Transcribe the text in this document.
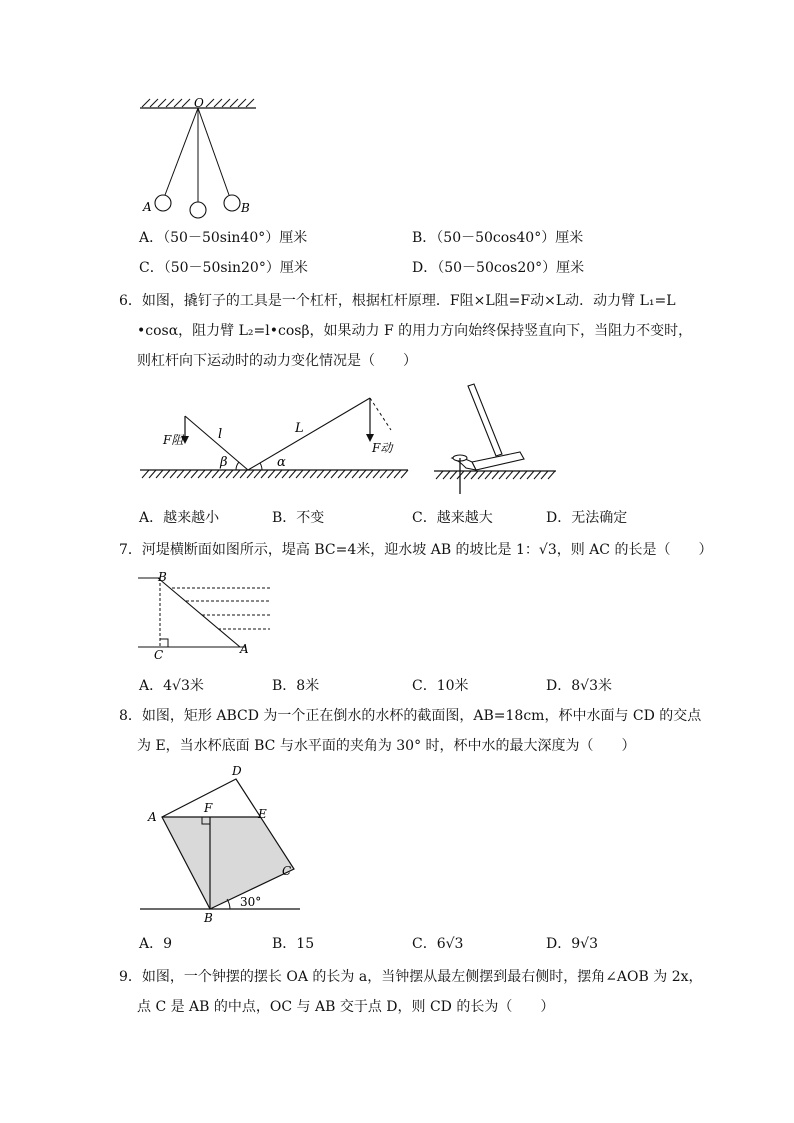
O
A	B
A．（50－50sin40°）厘米	B．（50－50cos40°）厘米
C．（50－50sin20°）厘米	D．（50－50cos20°）厘米
6．如图，撬钉子的工具是一个杠杆，根据杠杆原理．F阻×L阻=F动×L动．动力臂 L₁=L
•cosα，阻力臂 L₂=l•cosβ，如果动力 F 的用力方向始终保持竖直向下，当阻力不变时，
则杠杆向下运动时的动力变化情况是（　　）
F阻	l
β
L
α
F动
A．越来越小	B．不变	C．越来越大	D．无法确定
7．河堤横断面如图所示，堤高 BC=4米，迎水坡 AB 的坡比是 1：√3，则 AC 的长是（　　）
B
C	A
A．4√3米	B．8米	C．10米	D．8√3米
8．如图，矩形 ABCD 为一个正在倒水的水杯的截面图，AB=18cm，杯中水面与 CD 的交点
为 E，当水杯底面 BC 与水平面的夹角为 30° 时，杯中水的最大深度为（　　）
D
A
F	E
C
B
30°
A．9	B．15	C．6√3	D．9√3
9．如图，一个钟摆的摆长 OA 的长为 a，当钟摆从最左侧摆到最右侧时，摆角∠AOB 为 2x，
点 C 是 AB 的中点，OC 与 AB 交于点 D，则 CD 的长为（　　）
